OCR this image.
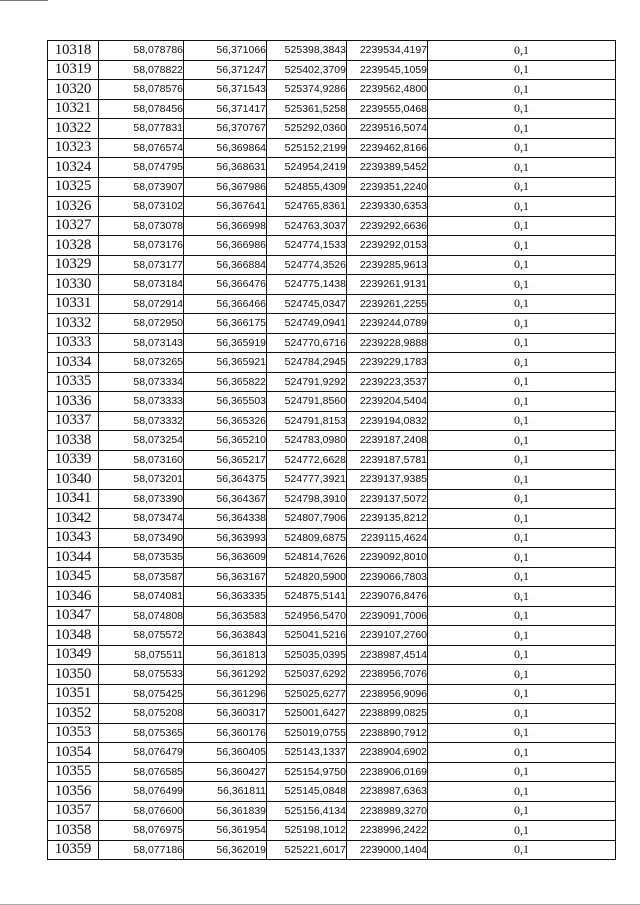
10318	58,078786	56,371066	525398,3843	2239534,4197	0,1
10319	58,078822	56,371247	525402,3709	2239545,1059	0,1
10320	58,078576	56,371543	525374,9286	2239562,4800	0,1
10321	58,078456	56,371417	525361,5258	2239555,0468	0,1
10322	58,077831	56,370767	525292,0360	2239516,5074	0,1
10323	58,076574	56,369864	525152,2199	2239462,8166	0,1
10324	58,074795	56,368631	524954,2419	2239389,5452	0,1
10325	58,073907	56,367986	524855,4309	2239351,2240	0,1
10326	58,073102	56,367641	524765,8361	2239330,6353	0,1
10327	58,073078	56,366998	524763,3037	2239292,6636	0,1
10328	58,073176	56,366986	524774,1533	2239292,0153	0,1
10329	58,073177	56,366884	524774,3526	2239285,9613	0,1
10330	58,073184	56,366476	524775,1438	2239261,9131	0,1
10331	58,072914	56,366466	524745,0347	2239261,2255	0,1
10332	58,072950	56,366175	524749,0941	2239244,0789	0,1
10333	58,073143	56,365919	524770,6716	2239228,9888	0,1
10334	58,073265	56,365921	524784,2945	2239229,1783	0,1
10335	58,073334	56,365822	524791,9292	2239223,3537	0,1
10336	58,073333	56,365503	524791,8560	2239204,5404	0,1
10337	58,073332	56,365326	524791,8153	2239194,0832	0,1
10338	58,073254	56,365210	524783,0980	2239187,2408	0,1
10339	58,073160	56,365217	524772,6628	2239187,5781	0,1
10340	58,073201	56,364375	524777,3921	2239137,9385	0,1
10341	58,073390	56,364367	524798,3910	2239137,5072	0,1
10342	58,073474	56,364338	524807,7906	2239135,8212	0,1
10343	58,073490	56,363993	524809,6875	2239115,4624	0,1
10344	58,073535	56,363609	524814,7626	2239092,8010	0,1
10345	58,073587	56,363167	524820,5900	2239066,7803	0,1
10346	58,074081	56,363335	524875,5141	2239076,8476	0,1
10347	58,074808	56,363583	524956,5470	2239091,7006	0,1
10348	58,075572	56,363843	525041,5216	2239107,2760	0,1
10349	58,075511	56,361813	525035,0395	2238987,4514	0,1
10350	58,075533	56,361292	525037,6292	2238956,7076	0,1
10351	58,075425	56,361296	525025,6277	2238956,9096	0,1
10352	58,075208	56,360317	525001,6427	2238899,0825	0,1
10353	58,075365	56,360176	525019,0755	2238890,7912	0,1
10354	58,076479	56,360405	525143,1337	2238904,6902	0,1
10355	58,076585	56,360427	525154,9750	2238906,0169	0,1
10356	58,076499	56,361811	525145,0848	2238987,6363	0,1
10357	58,076600	56,361839	525156,4134	2238989,3270	0,1
10358	58,076975	56,361954	525198,1012	2238996,2422	0,1
10359	58,077186	56,362019	525221,6017	2239000,1404	0,1
